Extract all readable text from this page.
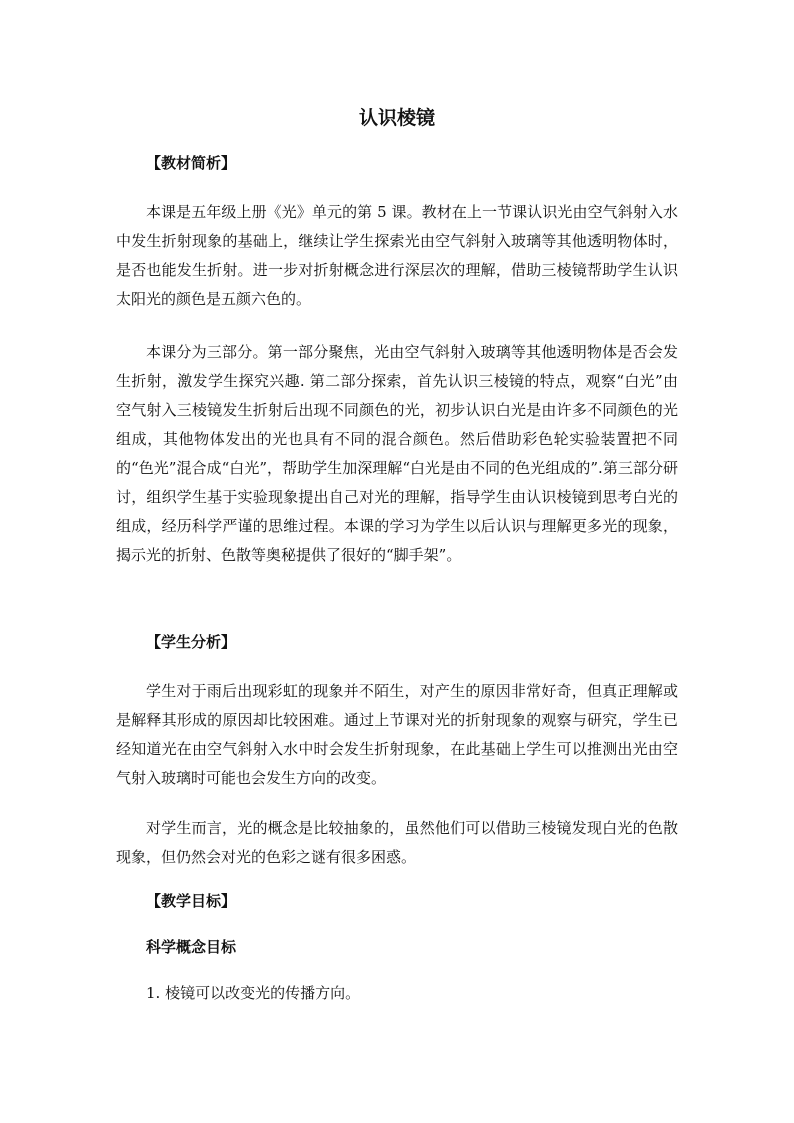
认识棱镜
【教材简析】
本课是五年级上册《光》单元的第 5 课。教材在上一节课认识光由空气斜射入水中发生折射现象的基础上，继续让学生探索光由空气斜射入玻璃等其他透明物体时，是否也能发生折射。进一步对折射概念进行深层次的理解，借助三棱镜帮助学生认识太阳光的颜色是五颜六色的。
本课分为三部分。第一部分聚焦，光由空气斜射入玻璃等其他透明物体是否会发生折射，激发学生探究兴趣. 第二部分探索，首先认识三棱镜的特点，观察“白光”由空气射入三棱镜发生折射后出现不同颜色的光，初步认识白光是由许多不同颜色的光组成，其他物体发出的光也具有不同的混合颜色。然后借助彩色轮实验装置把不同的“色光”混合成“白光”，帮助学生加深理解“白光是由不同的色光组成的”.第三部分研讨，组织学生基于实验现象提出自己对光的理解，指导学生由认识棱镜到思考白光的组成，经历科学严谨的思维过程。本课的学习为学生以后认识与理解更多光的现象，揭示光的折射、色散等奥秘提供了很好的“脚手架”。
【学生分析】
学生对于雨后出现彩虹的现象并不陌生，对产生的原因非常好奇，但真正理解或是解释其形成的原因却比较困难。通过上节课对光的折射现象的观察与研究，学生已经知道光在由空气斜射入水中时会发生折射现象，在此基础上学生可以推测出光由空气射入玻璃时可能也会发生方向的改变。
对学生而言，光的概念是比较抽象的，虽然他们可以借助三棱镜发现白光的色散现象，但仍然会对光的色彩之谜有很多困惑。
【教学目标】
科学概念目标
1. 棱镜可以改变光的传播方向。
